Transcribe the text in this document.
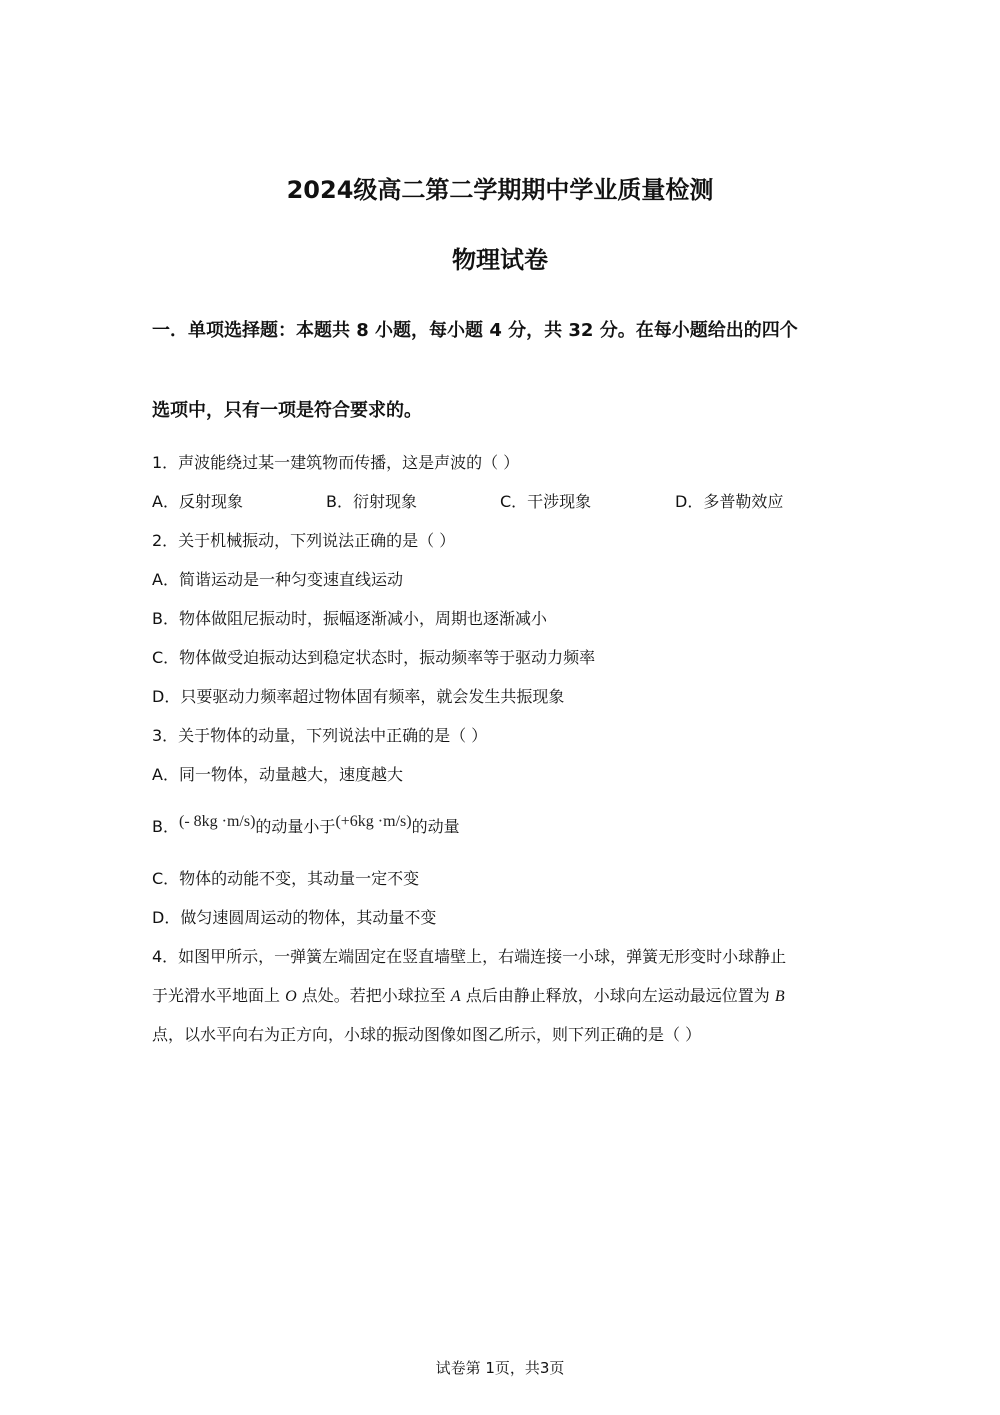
2024级高二第二学期期中学业质量检测
物理试卷
一．单项选择题：本题共 8 小题，每小题 4 分，共 32 分。在每小题给出的四个
选项中，只有一项是符合要求的。
1．声波能绕过某一建筑物而传播，这是声波的（ ）
A．反射现象	B．衍射现象	C．干涉现象	D．多普勒效应
2．关于机械振动，下列说法正确的是（ ）
A．简谐运动是一种匀变速直线运动
B．物体做阻尼振动时，振幅逐渐减小，周期也逐渐减小
C．物体做受迫振动达到稳定状态时，振动频率等于驱动力频率
D．只要驱动力频率超过物体固有频率，就会发生共振现象
3．关于物体的动量，下列说法中正确的是（ ）
A．同一物体，动量越大，速度越大
B．(- 8kg ·m/s)的动量小于(+6kg ·m/s)的动量
C．物体的动能不变，其动量一定不变
D．做匀速圆周运动的物体，其动量不变
4．如图甲所示，一弹簧左端固定在竖直墙壁上，右端连接一小球，弹簧无形变时小球静止
于光滑水平地面上 O 点处。若把小球拉至 A 点后由静止释放，小球向左运动最远位置为 B
点，以水平向右为正方向，小球的振动图像如图乙所示，则下列正确的是（ ）
试卷第 1页，共3页
